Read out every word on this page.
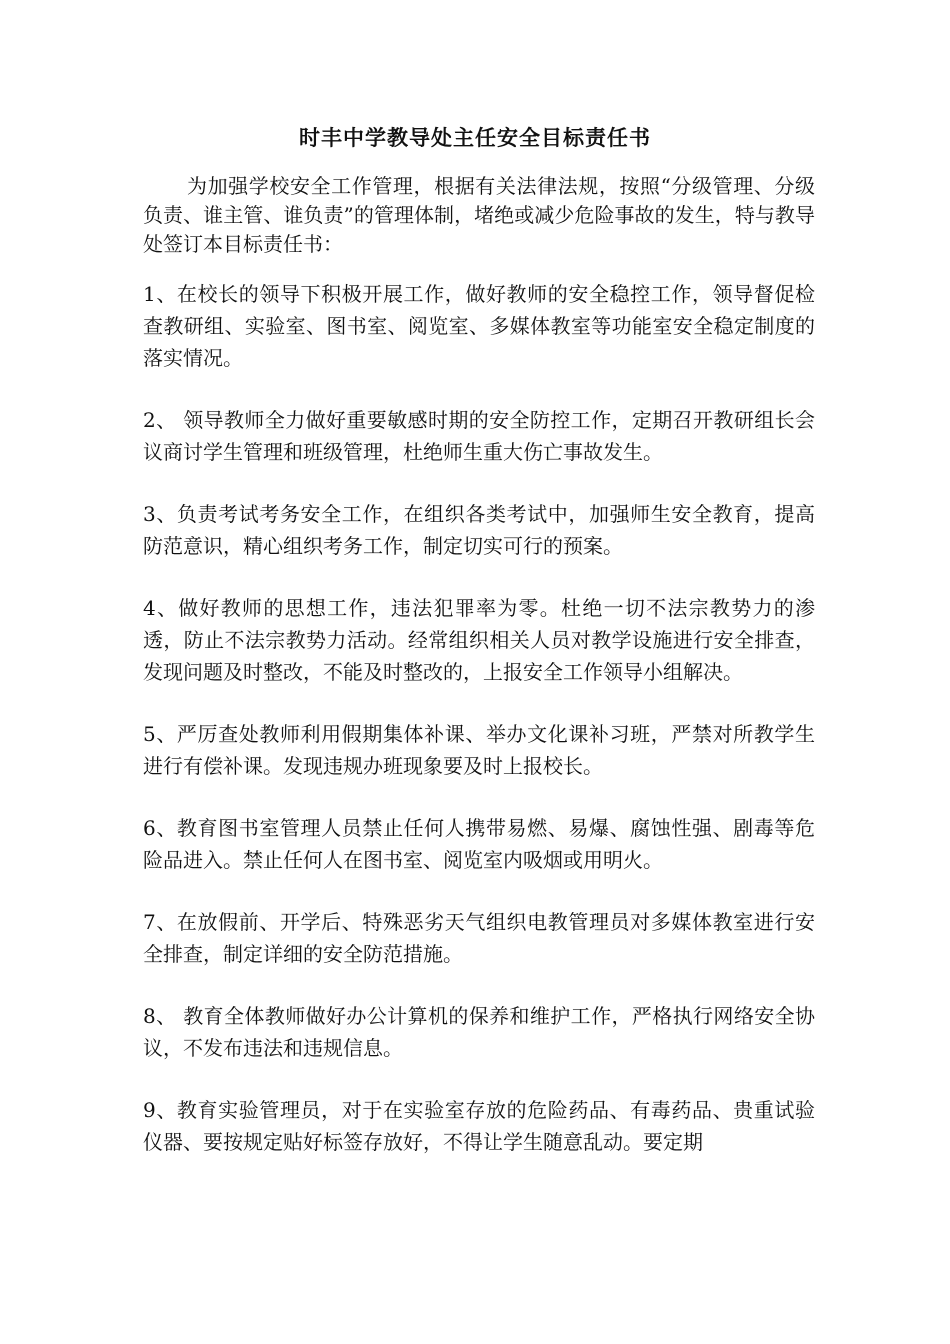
时丰中学教导处主任安全目标责任书

为加强学校安全工作管理，根据有关法律法规，按照“分级管理、分级负责、谁主管、谁负责”的管理体制，堵绝或减少危险事故的发生，特与教导处签订本目标责任书：

1、在校长的领导下积极开展工作，做好教师的安全稳控工作，领导督促检查教研组、实验室、图书室、阅览室、多媒体教室等功能室安全稳定制度的落实情况。

2、 领导教师全力做好重要敏感时期的安全防控工作，定期召开教研组长会议商讨学生管理和班级管理，杜绝师生重大伤亡事故发生。

3、负责考试考务安全工作，在组织各类考试中，加强师生安全教育，提高防范意识，精心组织考务工作，制定切实可行的预案。

4、做好教师的思想工作，违法犯罪率为零。杜绝一切不法宗教势力的渗透，防止不法宗教势力活动。经常组织相关人员对教学设施进行安全排查，发现问题及时整改，不能及时整改的，上报安全工作领导小组解决。

5、严厉查处教师利用假期集体补课、举办文化课补习班，严禁对所教学生进行有偿补课。发现违规办班现象要及时上报校长。

6、教育图书室管理人员禁止任何人携带易燃、易爆、腐蚀性强、剧毒等危险品进入。禁止任何人在图书室、阅览室内吸烟或用明火。

7、在放假前、开学后、特殊恶劣天气组织电教管理员对多媒体教室进行安全排查，制定详细的安全防范措施。

8、 教育全体教师做好办公计算机的保养和维护工作，严格执行网络安全协议，不发布违法和违规信息。

9、教育实验管理员，对于在实验室存放的危险药品、有毒药品、贵重试验仪器、要按规定贴好标签存放好，不得让学生随意乱动。要定期
